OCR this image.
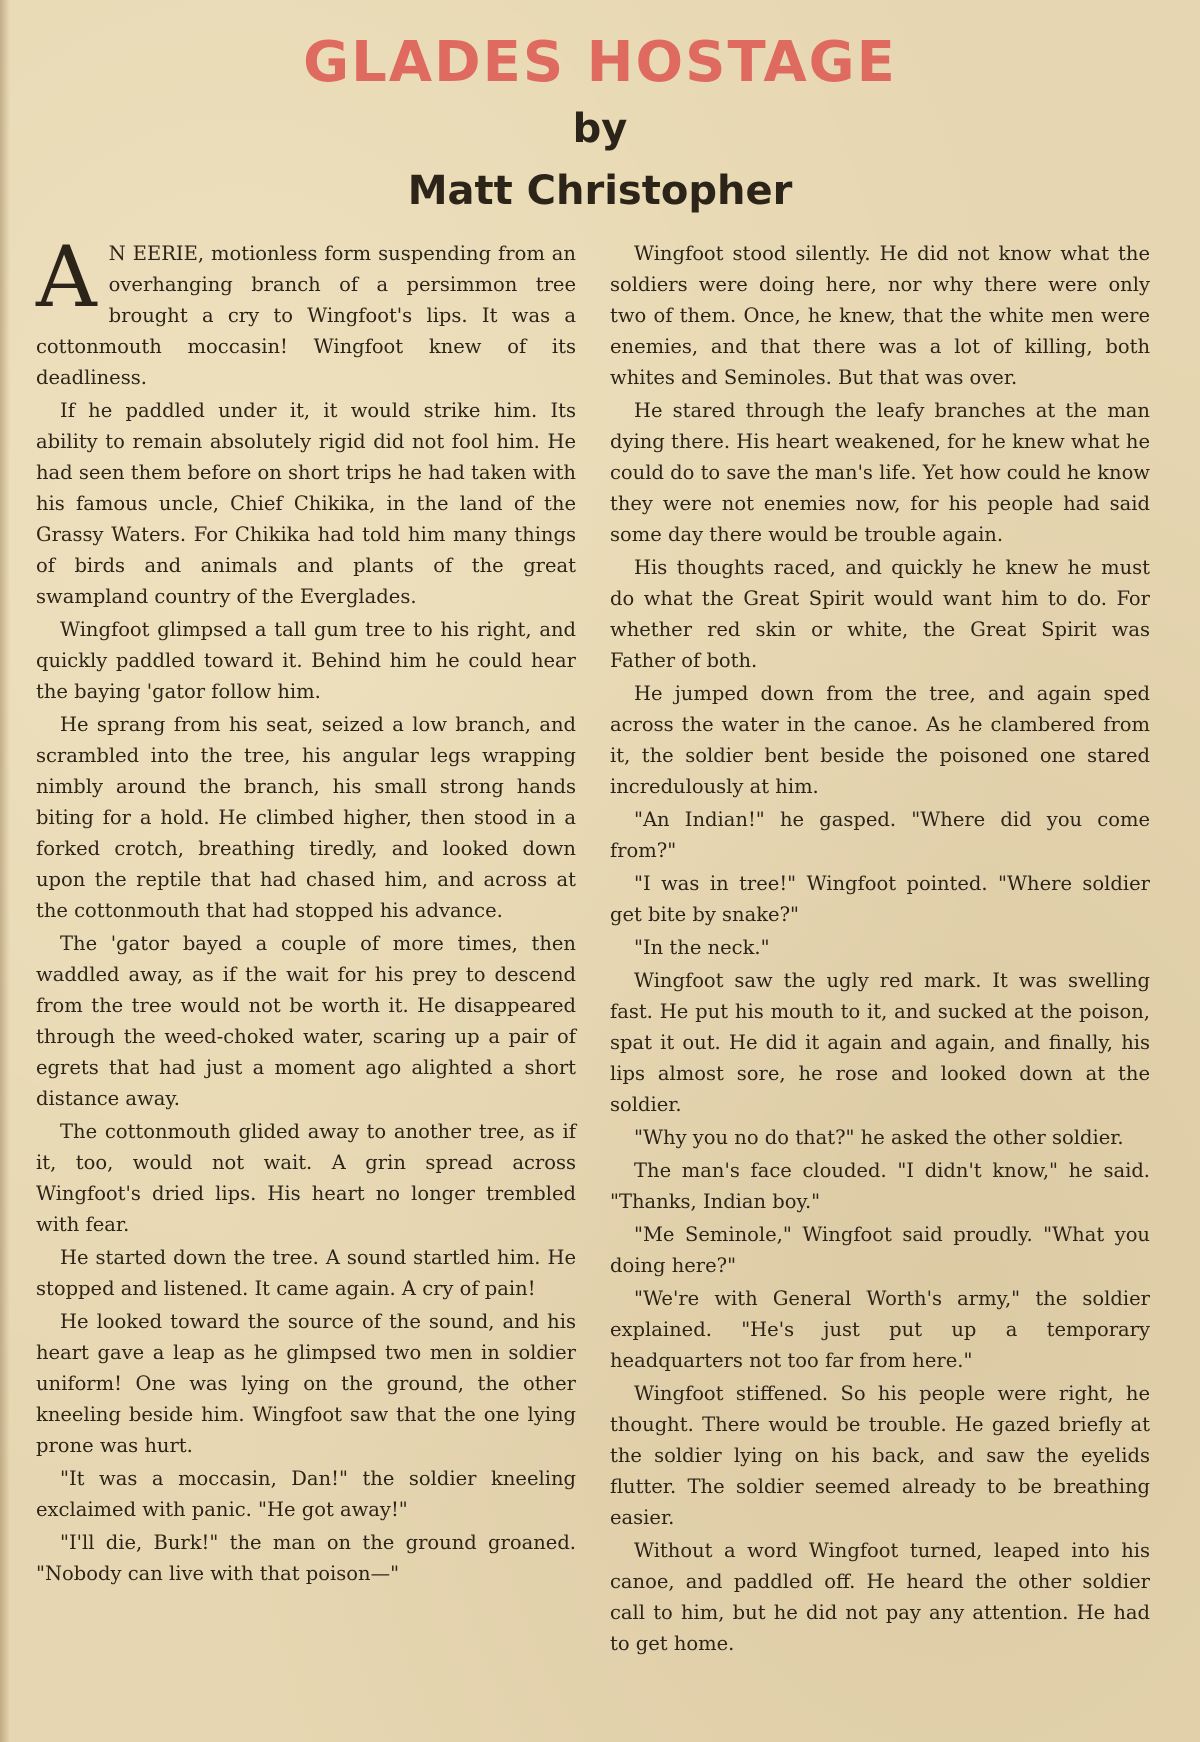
GLADES HOSTAGE
by
Matt Christopher

A N EERIE, motionless form suspending from an overhanging branch of a persimmon tree brought a cry to Wingfoot's lips. It was a cottonmouth moccasin! Wingfoot knew of its deadliness.

If he paddled under it, it would strike him. Its ability to remain absolutely rigid did not fool him. He had seen them before on short trips he had taken with his famous uncle, Chief Chikika, in the land of the Grassy Waters. For Chikika had told him many things of birds and animals and plants of the great swampland country of the Everglades.

Wingfoot glimpsed a tall gum tree to his right, and quickly paddled toward it. Behind him he could hear the baying 'gator follow him.

He sprang from his seat, seized a low branch, and scrambled into the tree, his angular legs wrapping nimbly around the branch, his small strong hands biting for a hold. He climbed higher, then stood in a forked crotch, breathing tiredly, and looked down upon the reptile that had chased him, and across at the cottonmouth that had stopped his advance.

The 'gator bayed a couple of more times, then waddled away, as if the wait for his prey to descend from the tree would not be worth it. He disappeared through the weed-choked water, scaring up a pair of egrets that had just a moment ago alighted a short distance away.

The cottonmouth glided away to another tree, as if it, too, would not wait. A grin spread across Wingfoot's dried lips. His heart no longer trembled with fear.

He started down the tree. A sound startled him. He stopped and listened. It came again. A cry of pain!

He looked toward the source of the sound, and his heart gave a leap as he glimpsed two men in soldier uniform! One was lying on the ground, the other kneeling beside him. Wingfoot saw that the one lying prone was hurt.

"It was a moccasin, Dan!" the soldier kneeling exclaimed with panic. "He got away!"

"I'll die, Burk!" the man on the ground groaned. "Nobody can live with that poison—"

Wingfoot stood silently. He did not know what the soldiers were doing here, nor why there were only two of them. Once, he knew, that the white men were enemies, and that there was a lot of killing, both whites and Seminoles. But that was over.

He stared through the leafy branches at the man dying there. His heart weakened, for he knew what he could do to save the man's life. Yet how could he know they were not enemies now, for his people had said some day there would be trouble again.

His thoughts raced, and quickly he knew he must do what the Great Spirit would want him to do. For whether red skin or white, the Great Spirit was Father of both.

He jumped down from the tree, and again sped across the water in the canoe. As he clambered from it, the soldier bent beside the poisoned one stared incredulously at him.

"An Indian!" he gasped. "Where did you come from?"

"I was in tree!" Wingfoot pointed. "Where soldier get bite by snake?"

"In the neck."

Wingfoot saw the ugly red mark. It was swelling fast. He put his mouth to it, and sucked at the poison, spat it out. He did it again and again, and finally, his lips almost sore, he rose and looked down at the soldier.

"Why you no do that?" he asked the other soldier.

The man's face clouded. "I didn't know," he said. "Thanks, Indian boy."

"Me Seminole," Wingfoot said proudly. "What you doing here?"

"We're with General Worth's army," the soldier explained. "He's just put up a temporary headquarters not too far from here."

Wingfoot stiffened. So his people were right, he thought. There would be trouble. He gazed briefly at the soldier lying on his back, and saw the eyelids flutter. The soldier seemed already to be breathing easier.

Without a word Wingfoot turned, leaped into his canoe, and paddled off. He heard the other soldier call to him, but he did not pay any attention. He had to get home.
